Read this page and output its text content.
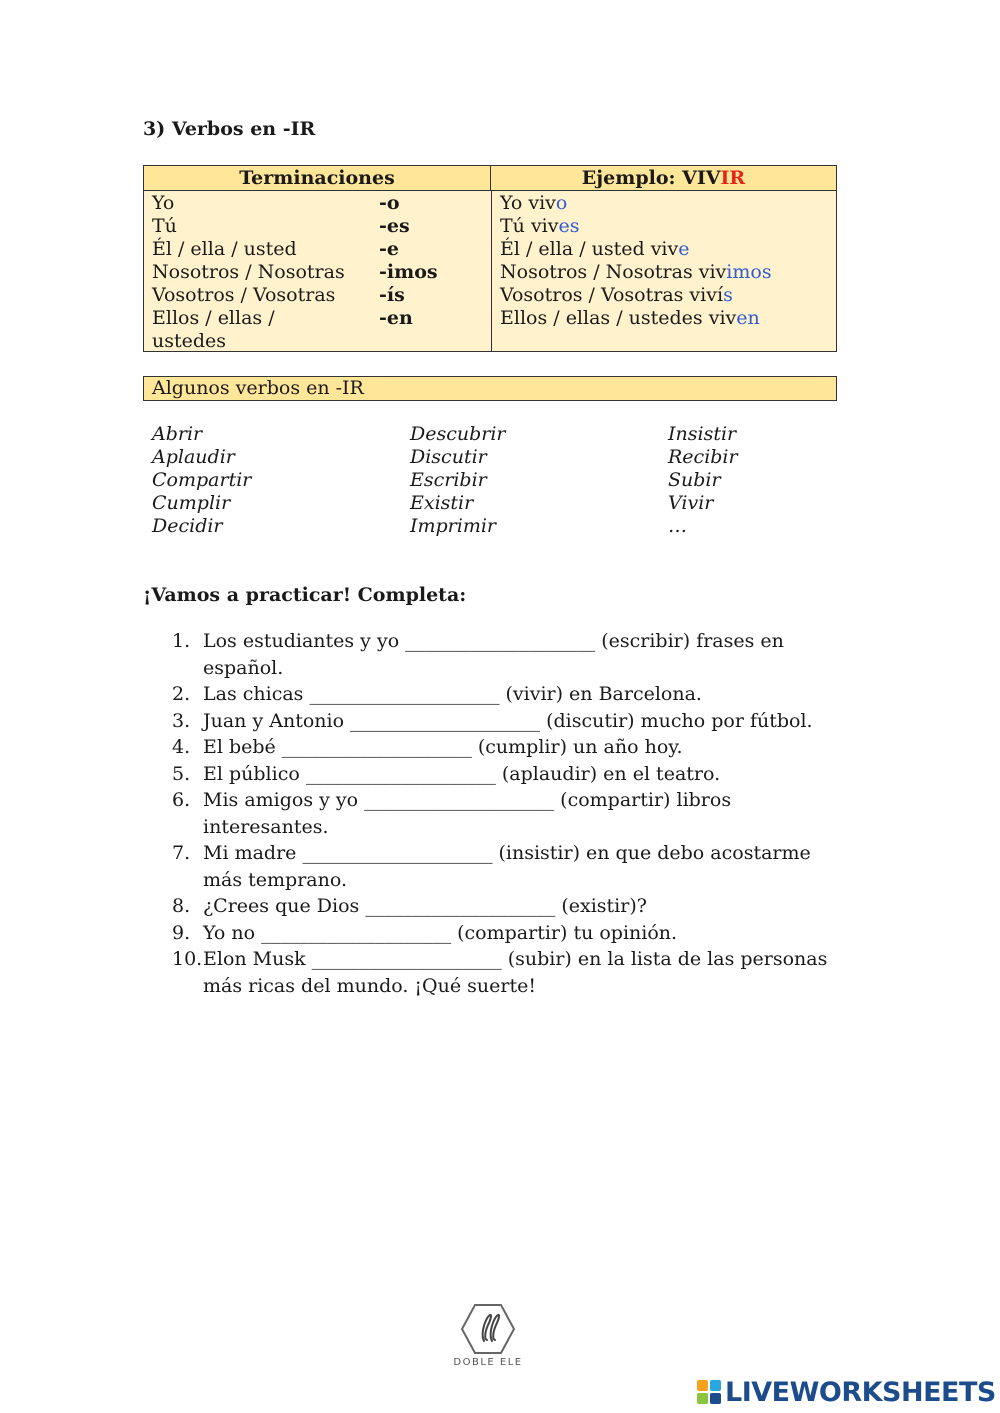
3) Verbos en -IR
Terminaciones	Ejemplo: VIVIR
Yo
Tú
Él / ella / usted
Nosotros / Nosotras
Vosotros / Vosotras
Ellos / ellas /
ustedes
-o
-es
-e
-imos
-ís
-en
Yo vivo
Tú vives
Él / ella / usted vive
Nosotros / Nosotras vivimos
Vosotros / Vosotras vivís
Ellos / ellas / ustedes viven
Algunos verbos en -IR
Abrir
Aplaudir
Compartir
Cumplir
Decidir
Descubrir
Discutir
Escribir
Existir
Imprimir
Insistir
Recibir
Subir
Vivir
…
¡Vamos a practicar! Completa:
1. Los estudiantes y yo ____________________ (escribir) frases en
español.
2. Las chicas ____________________ (vivir) en Barcelona.
3. Juan y Antonio ____________________ (discutir) mucho por fútbol.
4. El bebé ____________________ (cumplir) un año hoy.
5. El público ____________________ (aplaudir) en el teatro.
6. Mis amigos y yo ____________________ (compartir) libros
interesantes.
7. Mi madre ____________________ (insistir) en que debo acostarme
más temprano.
8. ¿Crees que Dios ____________________ (existir)?
9. Yo no ____________________ (compartir) tu opinión.
10. Elon Musk ____________________ (subir) en la lista de las personas
más ricas del mundo. ¡Qué suerte!
DOBLE ELE
LIVEWORKSHEETS
